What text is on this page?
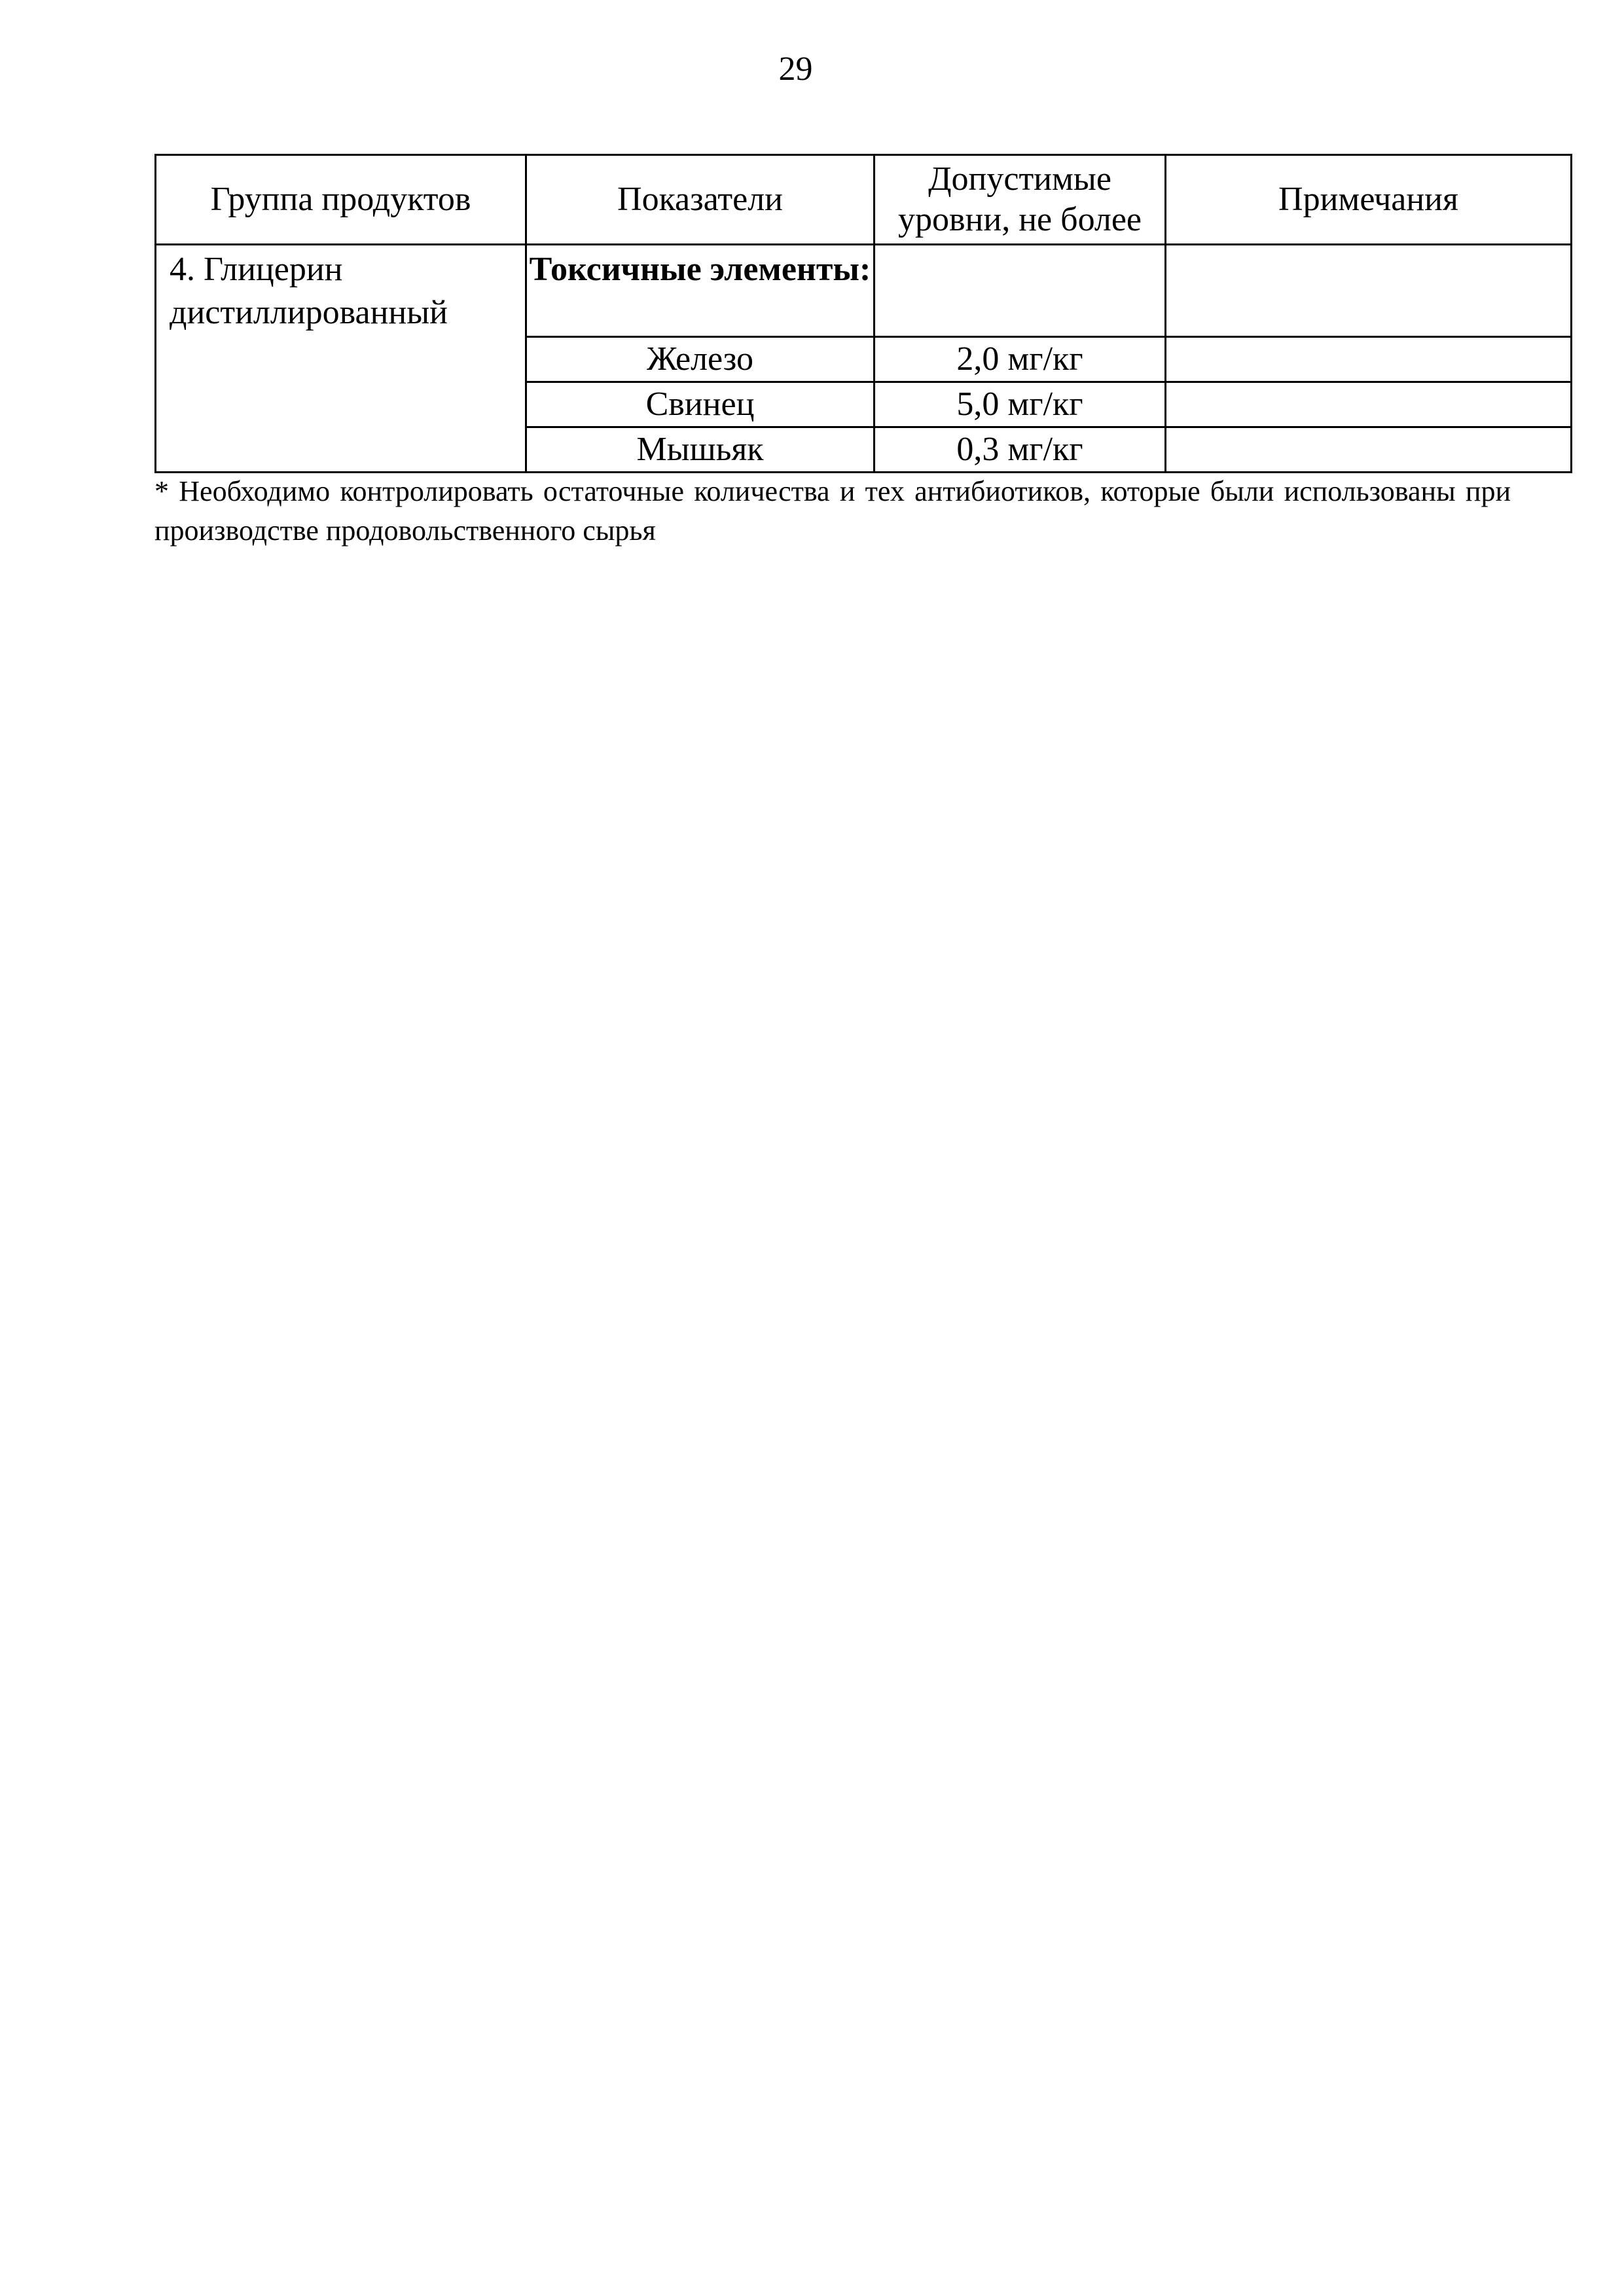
29
Группа продуктов	Показатели	Допустимые уровни, не более	Примечания
4. Глицерин дистиллированный	Токсичные элементы:		
	Железо	2,0 мг/кг	
	Свинец	5,0 мг/кг	
	Мышьяк	0,3 мг/кг	
* Необходимо контролировать остаточные количества и тех антибиотиков, которые были использованы при производстве продовольственного сырья
